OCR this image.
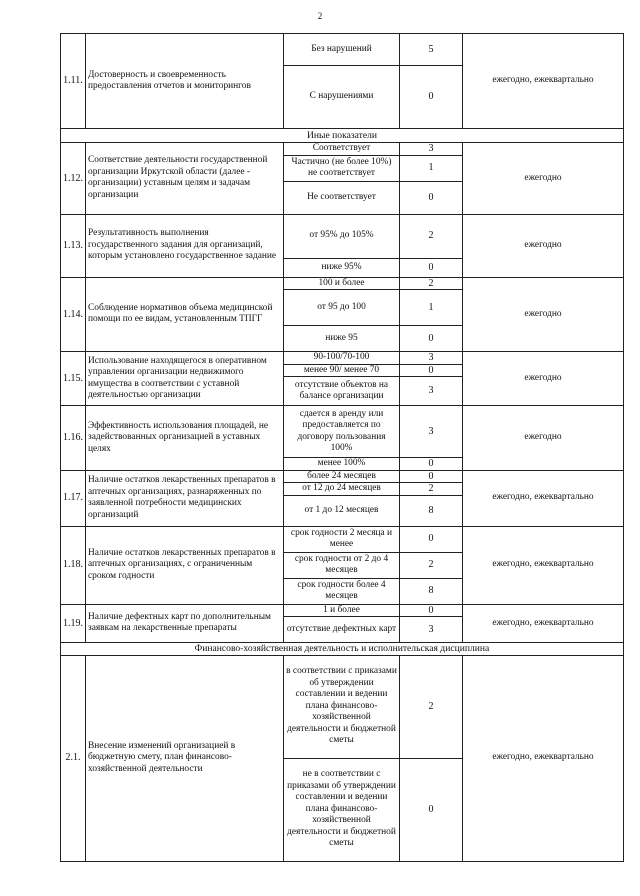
2
1.11.	Достоверность и своевременность предоставления отчетов и мониторингов	Без нарушений	5	ежегодно, ежеквартально
		С нарушениями	0	
Иные показатели				
1.12.	Соответствие деятельности государственной организации Иркутской области (далее - организации) уставным целям и задачам организации	Соответствует	3	ежегодно
		Частично (не более 10%) не соответствует	1	
		Не соответствует	0	
1.13.	Результативность выполнения государственного задания для организаций, которым установлено государственное задание	от 95% до 105%	2	ежегодно
		ниже 95%	0	
1.14.	Соблюдение нормативов объема медицинской помощи по ее видам, установленным ТПГГ	100 и более	2	ежегодно
		от 95 до 100	1	
		ниже 95	0	
1.15.	Использование находящегося в оперативном управлении организации недвижимого имущества в соответствии с уставной деятельностью организации	90-100/70-100	3	ежегодно
		менее 90/ менее 70	0	
		отсутствие объектов на балансе организации	3	
1.16.	Эффективность использования площадей, не задействованных организацией в уставных целях	сдается в аренду или предоставляется по договору пользования 100%	3	ежегодно
		менее 100%	0	
1.17.	Наличие остатков лекарственных препаратов в аптечных организациях, разнаряженных по заявленной потребности медицинских организаций	более 24 месяцев	0	ежегодно, ежеквартально
		от 12 до 24 месяцев	2	
		от 1 до 12 месяцев	8	
1.18.	Наличие остатков лекарственных препаратов в аптечных организациях, с ограниченным сроком годности	срок годности 2 месяца и менее	0	ежегодно, ежеквартально
		срок годности от 2 до 4 месяцев	2	
		срок годности более 4 месяцев	8	
1.19.	Наличие дефектных карт по дополнительным заявкам на лекарственные препараты	1 и более	0	ежегодно, ежеквартально
		отсутствие дефектных карт	3	
Финансово-хозяйственная деятельность и исполнительская дисциплина				
2.1.	Внесение изменений организацией в бюджетную смету, план финансово-хозяйственной деятельности	в соответствии с приказами об утверждении составлении и ведении плана финансово-хозяйственной деятельности и бюджетной сметы	2	ежегодно, ежеквартально
		не в соответствии с приказами об утверждении составлении и ведении плана финансово-хозяйственной деятельности и бюджетной сметы	0	
